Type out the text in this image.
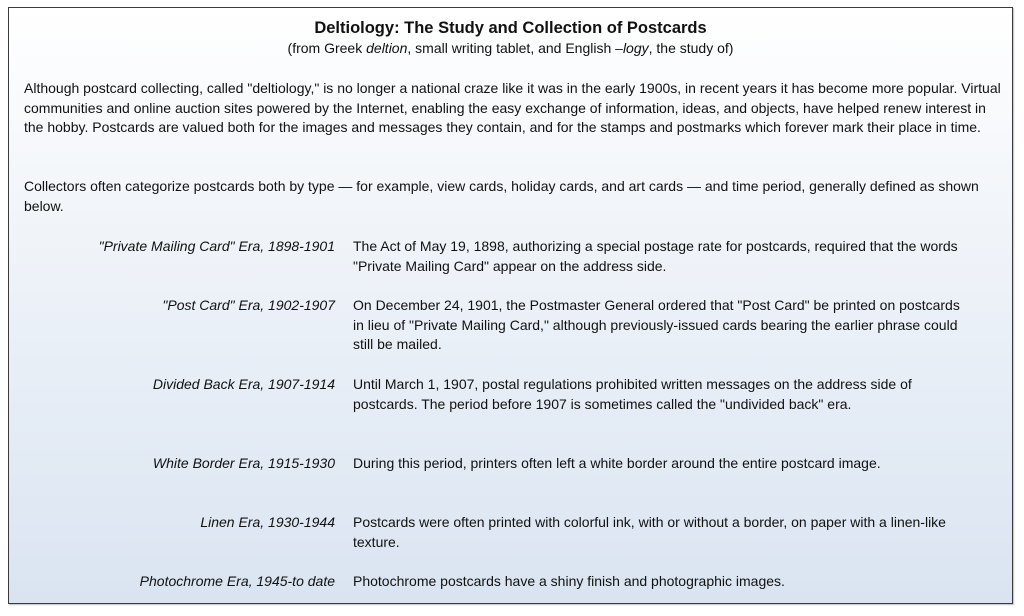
Deltiology: The Study and Collection of Postcards
(from Greek deltion, small writing tablet, and English –logy, the study of)

Although postcard collecting, called "deltiology," is no longer a national craze like it was in the early 1900s, in recent years it has become more popular. Virtual communities and online auction sites powered by the Internet, enabling the easy exchange of information, ideas, and objects, have helped renew interest in the hobby. Postcards are valued both for the images and messages they contain, and for the stamps and postmarks which forever mark their place in time.

Collectors often categorize postcards both by type — for example, view cards, holiday cards, and art cards — and time period, generally defined as shown below.

"Private Mailing Card" Era, 1898-1901 The Act of May 19, 1898, authorizing a special postage rate for postcards, required that the words "Private Mailing Card" appear on the address side.
"Post Card" Era, 1902-1907 On December 24, 1901, the Postmaster General ordered that "Post Card" be printed on postcards in lieu of "Private Mailing Card," although previously-issued cards bearing the earlier phrase could still be mailed.
Divided Back Era, 1907-1914 Until March 1, 1907, postal regulations prohibited written messages on the address side of postcards. The period before 1907 is sometimes called the "undivided back" era.
White Border Era, 1915-1930 During this period, printers often left a white border around the entire postcard image.
Linen Era, 1930-1944 Postcards were often printed with colorful ink, with or without a border, on paper with a linen-like texture.
Photochrome Era, 1945-to date Photochrome postcards have a shiny finish and photographic images.
